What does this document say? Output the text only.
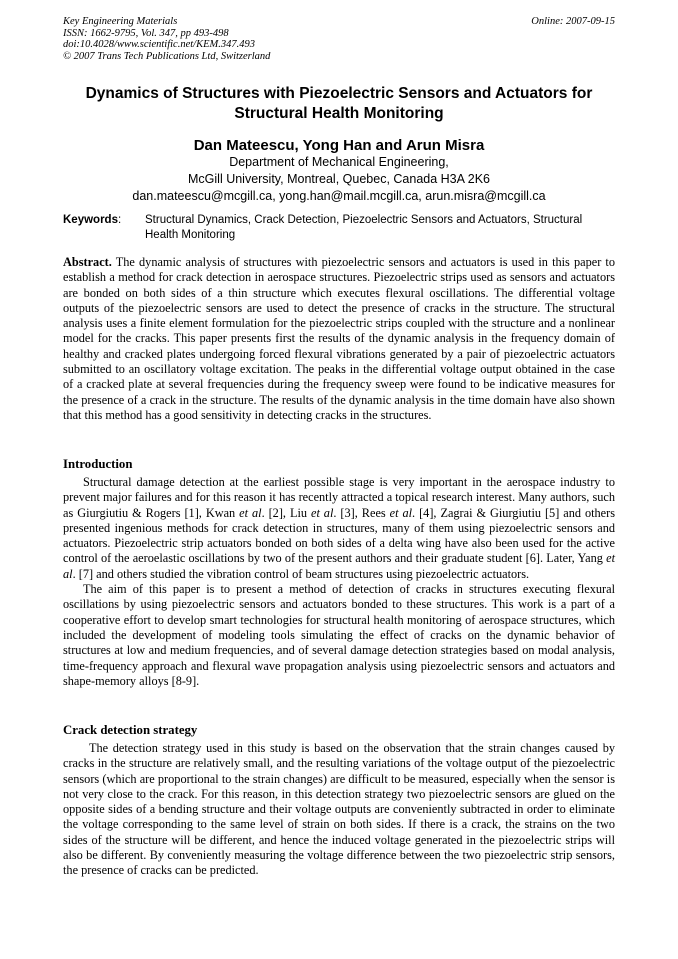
Key Engineering Materials
ISSN: 1662-9795, Vol. 347, pp 493-498
doi:10.4028/www.scientific.net/KEM.347.493
© 2007 Trans Tech Publications Ltd, Switzerland
Online: 2007-09-15
Dynamics of Structures with Piezoelectric Sensors and Actuators for
Structural Health Monitoring
Dan Mateescu, Yong Han and Arun Misra
Department of Mechanical Engineering,
McGill University, Montreal, Quebec, Canada H3A 2K6
dan.mateescu@mcgill.ca, yong.han@mail.mcgill.ca, arun.misra@mcgill.ca
Keywords: Structural Dynamics, Crack Detection, Piezoelectric Sensors and Actuators, Structural Health Monitoring

Abstract. The dynamic analysis of structures with piezoelectric sensors and actuators is used in this paper to establish a method for crack detection in aerospace structures. Piezoelectric strips used as sensors and actuators are bonded on both sides of a thin structure which executes flexural oscillations. The differential voltage outputs of the piezoelectric sensors are used to detect the presence of cracks in the structure. The structural analysis uses a finite element formulation for the piezoelectric strips coupled with the structure and a nonlinear model for the cracks. This paper presents first the results of the dynamic analysis in the frequency domain of healthy and cracked plates undergoing forced flexural vibrations generated by a pair of piezoelectric actuators submitted to an oscillatory voltage excitation. The peaks in the differential voltage output obtained in the case of a cracked plate at several frequencies during the frequency sweep were found to be indicative measures for the presence of a crack in the structure. The results of the dynamic analysis in the time domain have also shown that this method has a good sensitivity in detecting cracks in the structures.

Introduction

Structural damage detection at the earliest possible stage is very important in the aerospace industry to prevent major failures and for this reason it has recently attracted a topical research interest. Many authors, such as Giurgiutiu & Rogers [1], Kwan et al. [2], Liu et al. [3], Rees et al. [4], Zagrai & Giurgiutiu [5] and others presented ingenious methods for crack detection in structures, many of them using piezoelectric sensors and actuators. Piezoelectric strip actuators bonded on both sides of a delta wing have also been used for the active control of the aeroelastic oscillations by two of the present authors and their graduate student [6]. Later, Yang et al. [7] and others studied the vibration control of beam structures using piezoelectric actuators.

The aim of this paper is to present a method of detection of cracks in structures executing flexural oscillations by using piezoelectric sensors and actuators bonded to these structures. This work is a part of a cooperative effort to develop smart technologies for structural health monitoring of aerospace structures, which included the development of modeling tools simulating the effect of cracks on the dynamic behavior of structures at low and medium frequencies, and of several damage detection strategies based on modal analysis, time-frequency approach and flexural wave propagation analysis using piezoelectric sensors and actuators and shape-memory alloys [8-9].

Crack detection strategy

The detection strategy used in this study is based on the observation that the strain changes caused by cracks in the structure are relatively small, and the resulting variations of the voltage output of the piezoelectric sensors (which are proportional to the strain changes) are difficult to be measured, especially when the sensor is not very close to the crack. For this reason, in this detection strategy two piezoelectric sensors are glued on the opposite sides of a bending structure and their voltage outputs are conveniently subtracted in order to eliminate the voltage corresponding to the same level of strain on both sides. If there is a crack, the strains on the two sides of the structure will be different, and hence the induced voltage generated in the piezoelectric strips will also be different. By conveniently measuring the voltage difference between the two piezoelectric strip sensors, the presence of cracks can be predicted.
